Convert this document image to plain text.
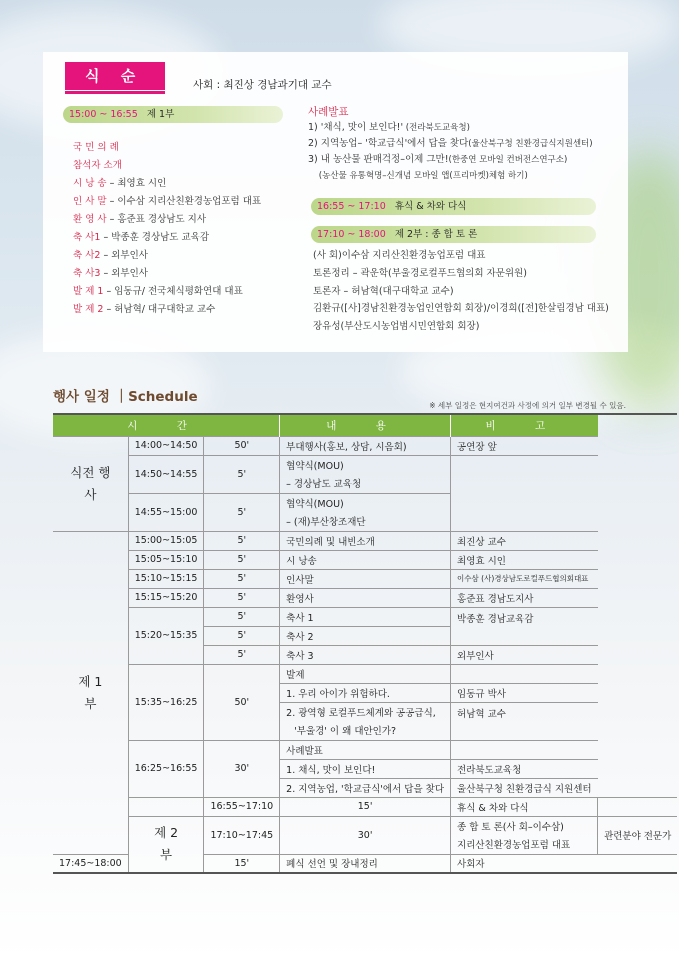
식 순	사회 : 최진상 경남과기대 교수
15:00 ~ 16:55 제 1부
국 민 의 례
참석자 소개
시 낭 송 – 최영효 시인
인 사 말 – 이수삼 지리산친환경농업포럼 대표
환 영 사 – 홍준표 경상남도 지사
축 사1 – 박종훈 경상남도 교육감
축 사2 – 외부인사
축 사3 – 외부인사
발 제 1 – 임동규/ 전국체식평화연대 대표
발 제 2 – 허남혁/ 대구대학교 교수
사례발표
1) '채식, 맛이 보인다!' (전라북도교육청)
2) 지역농업– '학교급식'에서 답을 찾다(울산북구청 친환경급식지원센터)
3) 내 농산물 판매걱정–이제 그만!(한중연 모바일 컨버전스연구소)
(농산물 유통혁명–신개념 모바일 앱(프리마켓)체험 하기)
16:55 ~ 17:10 휴식 & 차와 다식
17:10 ~ 18:00 제 2부 : 종 합 토 론
(사 회)이수삼 지리산친환경농업포럼 대표
토론정리 – 곽운학(부울경로컬푸드협의회 자문위원)
토론자 – 허남혁(대구대학교 교수)
김환규([사]경남친환경농업인연합회 회장)/이경희([전]한살림경남 대표)
장유성(부산도시농업범시민연합회 회장)
행사 일정 ｜Schedule
※ 세부 일정은 현지여건과 사정에 의거 일부 변경될 수 있음.
시 간			내 용	비 고	
식전 행사	14:00~14:50	50'	부대행사(홍보, 상담, 시음회)	공연장 앞	
	14:50~14:55	5'	협약식(MOU)		
			– 경상남도 교육청		
	14:55~15:00	5'	협약식(MOU)		
			– (재)부산창조재단		
제 1 부	15:00~15:05	5'	국민의례 및 내빈소개	최진상 교수	
	15:05~15:10	5'	시 낭송	최영효 시인	
	15:10~15:15	5'	인사말	이수삼 (사)경상남도로컬푸드협의회대표	
	15:15~15:20	5'	환영사	홍준표 경남도지사	
	15:20~15:35	5'	축사 1	박종훈 경남교육감	
		5'	축사 2		
		5'	축사 3	외부인사	
	15:35~16:25	50'	발제		
			1. 우리 아이가 위험하다.	임동규 박사	
			2. 광역형 로컬푸드체계와 공공급식,	허남혁 교수	
			'부울경' 이 왜 대안인가?		
	16:25~16:55	30'	사례발표		
			1. 채식, 맛이 보인다!	전라북도교육청	
			2. 지역농업, '학교급식'에서 답을 찾다	울산북구청 친환경급식 지원센터	
		16:55~17:10	15'	휴식 & 차와 다식	
	제 2 부	17:10~17:45	30'	종 합 토 론(사 회–이수삼)	관련분야 전문가
				지리산친환경농업포럼 대표	
17:45~18:00		15'	폐식 선언 및 장내정리	사회자	
